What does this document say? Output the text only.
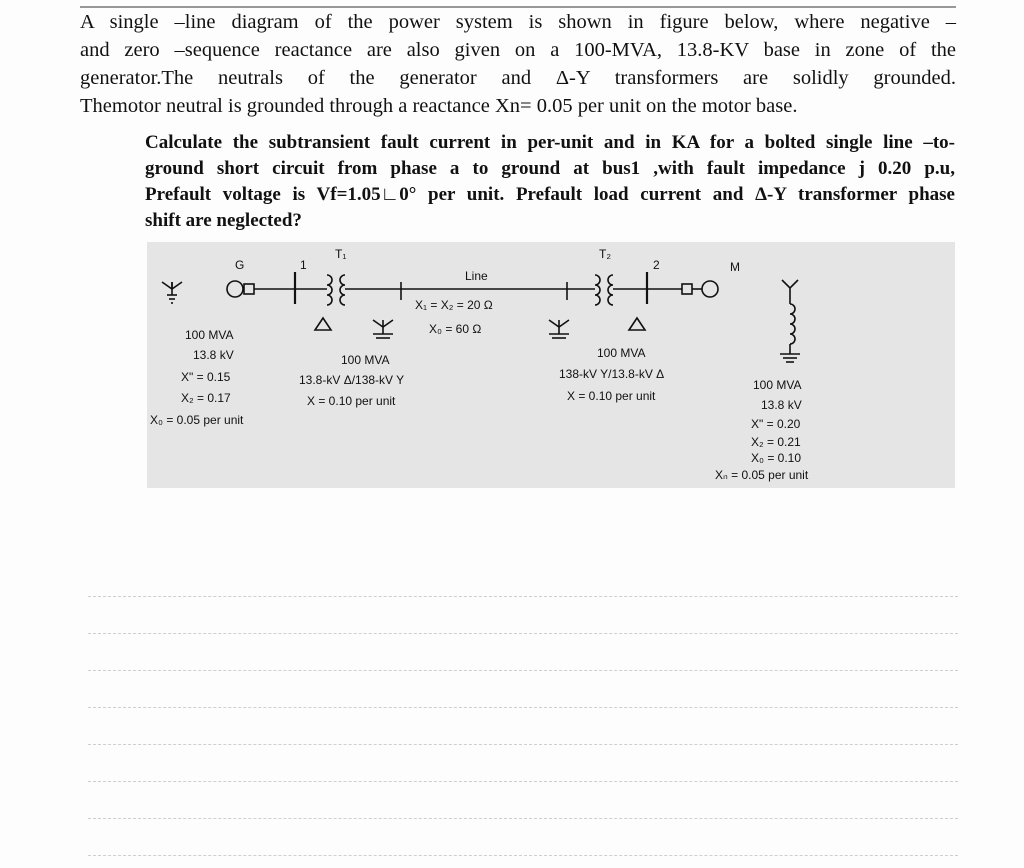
A single –line diagram of the power system is shown in figure below, where negative –
and zero –sequence reactance are also given on a 100-MVA, 13.8-KV base in zone of the
generator.The neutrals of the generator and Δ-Y transformers are solidly grounded.
Themotor neutral is grounded through a reactance Xn= 0.05 per unit on the motor base.
Calculate the subtransient fault current in per-unit and in KA for a bolted single line –to-
ground short circuit from phase a to ground at bus1 ,with fault impedance j 0.20 p.u,
Prefault voltage is Vf=1.05∟0° per unit. Prefault load current and Δ-Y transformer phase
shift are neglected?
G	1
T₁	T₂
2	M
Line
X₁ = X₂ = 20 Ω
X₀ = 60 Ω
100 MVA
13.8 kV
X" = 0.15
X₂ = 0.17
X₀ = 0.05 per unit
100 MVA
13.8-kV Δ/138-kV Y
X = 0.10 per unit
100 MVA
138-kV Y/13.8-kV Δ
X = 0.10 per unit
100 MVA
13.8 kV
X" = 0.20
X₂ = 0.21
X₀ = 0.10
Xₙ = 0.05 per unit
